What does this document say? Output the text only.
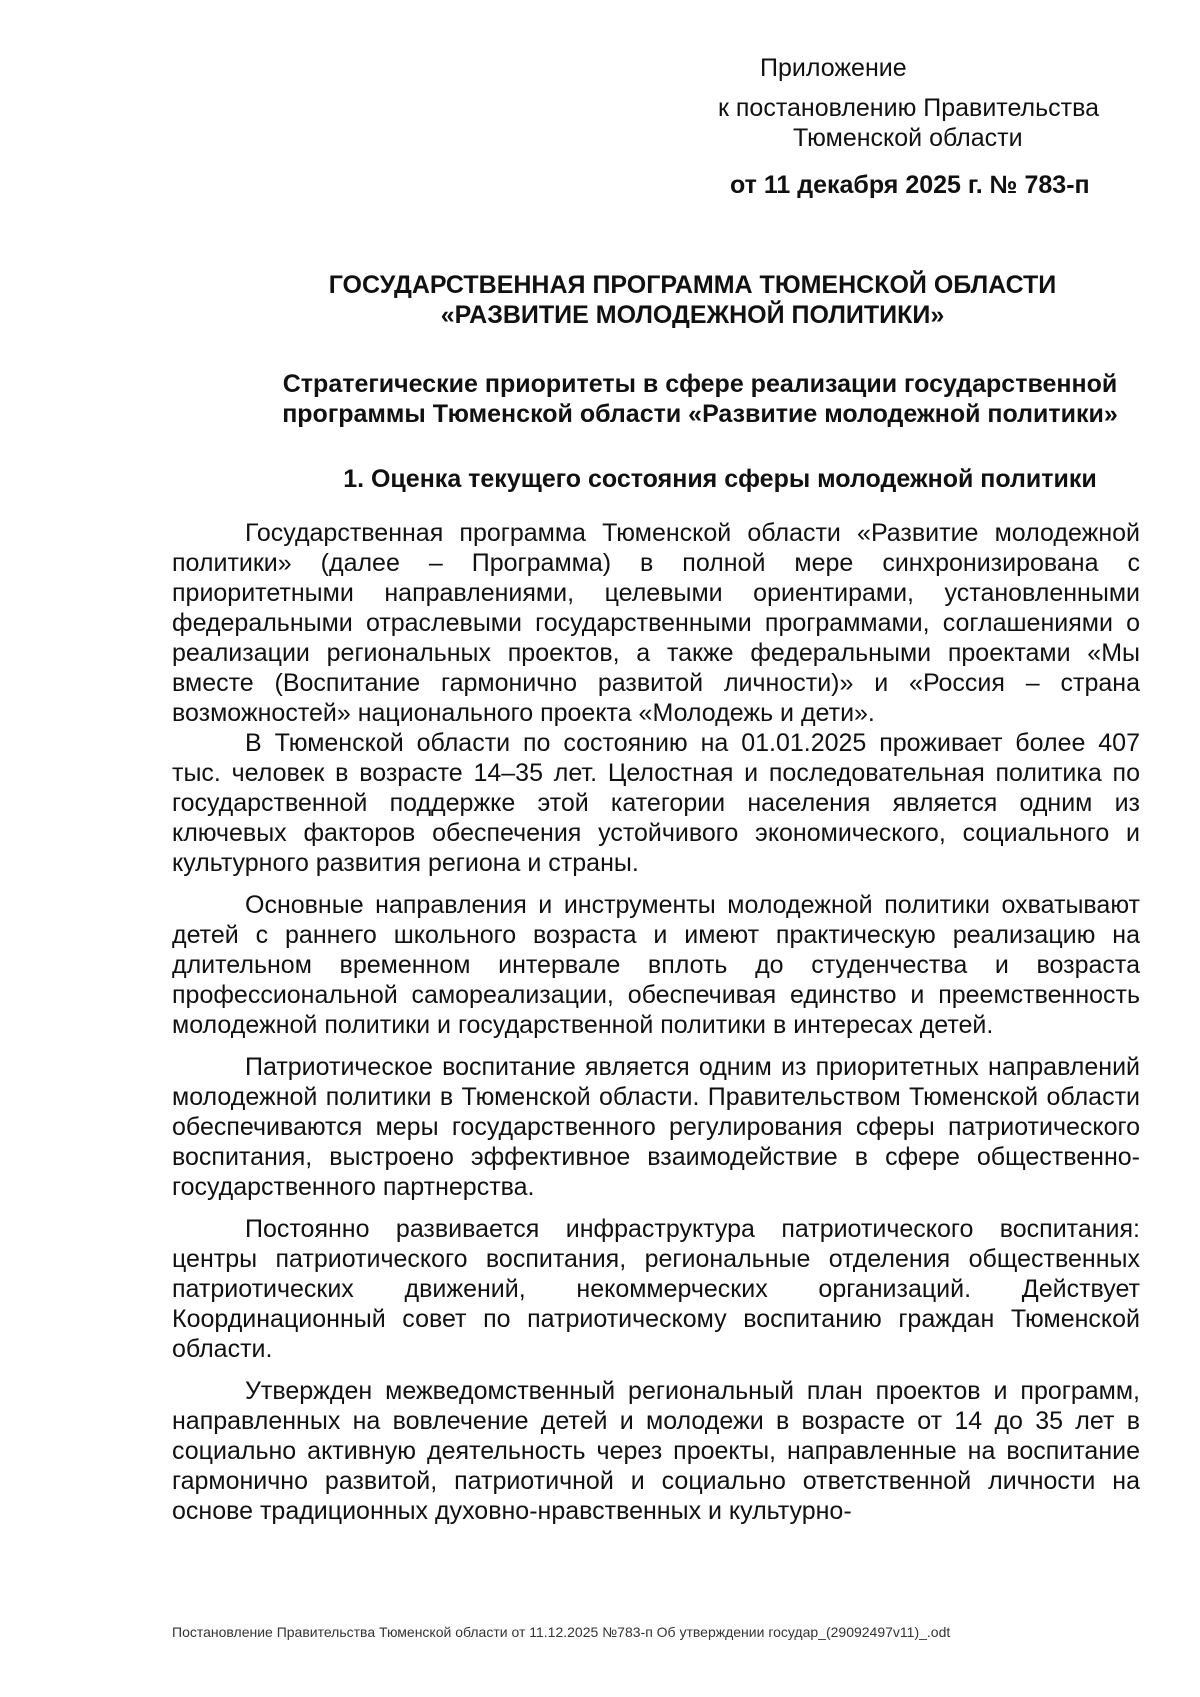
Приложение
к постановлению Правительства
Тюменской области
от 11 декабря 2025 г. № 783-п
ГОСУДАРСТВЕННАЯ ПРОГРАММА ТЮМЕНСКОЙ ОБЛАСТИ
«РАЗВИТИЕ МОЛОДЕЖНОЙ ПОЛИТИКИ»
Стратегические приоритеты в сфере реализации государственной
программы Тюменской области «Развитие молодежной политики»
1. Оценка текущего состояния сферы молодежной политики

Государственная программа Тюменской области «Развитие молодежной политики» (далее – Программа) в полной мере синхронизирована с приоритетными направлениями, целевыми ориентирами, установленными федеральными отраслевыми государственными программами, соглашениями о реализации региональных проектов, а также федеральными проектами «Мы вместе (Воспитание гармонично развитой личности)» и «Россия – страна возможностей» национального проекта «Молодежь и дети».

В Тюменской области по состоянию на 01.01.2025 проживает более 407 тыс. человек в возрасте 14–35 лет. Целостная и последовательная политика по государственной поддержке этой категории населения является одним из ключевых факторов обеспечения устойчивого экономического, социального и культурного развития региона и страны.

Основные направления и инструменты молодежной политики охватывают детей с раннего школьного возраста и имеют практическую реализацию на длительном временном интервале вплоть до студенчества и возраста профессиональной самореализации, обеспечивая единство и преемственность молодежной политики и государственной политики в интересах детей.

Патриотическое воспитание является одним из приоритетных направлений молодежной политики в Тюменской области. Правительством Тюменской области обеспечиваются меры государственного регулирования сферы патриотического воспитания, выстроено эффективное взаимодействие в сфере общественно-государственного партнерства.

Постоянно развивается инфраструктура патриотического воспитания: центры патриотического воспитания, региональные отделения общественных патриотических движений, некоммерческих организаций. Действует Координационный совет по патриотическому воспитанию граждан Тюменской области.

Утвержден межведомственный региональный план проектов и программ, направленных на вовлечение детей и молодежи в возрасте от 14 до 35 лет в социально активную деятельность через проекты, направленные на воспитание гармонично развитой, патриотичной и социально ответственной личности на основе традиционных духовно-нравственных и культурно-

Постановление Правительства Тюменской области от 11.12.2025 №783-п Об утверждении государ_(29092497v11)_.odt
